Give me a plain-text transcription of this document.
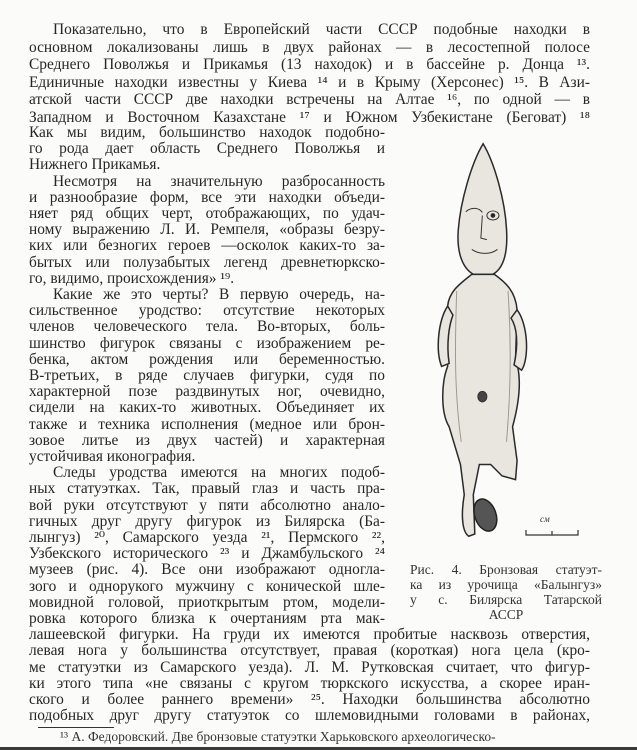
Показательно, что в Европейский части СССР подобные находки в
основном локализованы лишь в двух районах — в лесостепной полосе
Среднего Поволжья и Прикамья (13 находок) и в бассейне р. Донца ¹³.
Единичные находки известны у Киева ¹⁴ и в Крыму (Херсонес) ¹⁵. В Ази-
атской части СССР две находки встречены на Алтае ¹⁶, по одной — в
Западном и Восточном Казахстане ¹⁷ и Южном Узбекистане (Беговат) ¹⁸
Как мы видим, большинство находок подобно-
го рода дает область Среднего Поволжья и
Нижнего Прикамья.
Несмотря на значительную разбросанность
и разнообразие форм, все эти находки объеди-
няет ряд общих черт, отображающих, по удач-
ному выражению Л. И. Ремпеля, «образы безру-
ких или безногих героев —осколок каких-то за-
бытых или полузабытых легенд древнетюркско-
го, видимо, происхождения» ¹⁹.
Какие же это черты? В первую очередь, на-
сильственное уродство: отсутствие некоторых
членов человеческого тела. Во-вторых, боль-
шинство фигурок связаны с изображением ре-
бенка, актом рождения или беременностью.
В-третьих, в ряде случаев фигурки, судя по
характерной позе раздвинутых ног, очевидно,
сидели на каких-то животных. Объединяет их
также и техника исполнения (медное или брон-
зовое литье из двух частей) и характерная
устойчивая иконография.
Следы уродства имеются на многих подоб-
ных статуэтках. Так, правый глаз и часть пра-
вой руки отсутствуют у пяти абсолютно анало-
гичных друг другу фигурок из Билярска (Ба-
лынгуз) ²⁰, Самарского уезда ²¹, Пермского ²²,
Узбекского исторического ²³ и Джамбульского ²⁴
музеев (рис. 4). Все они изображают одногла-
зого и однорукого мужчину с конической шле-
мовидной головой, приоткрытым ртом, модели-
ровка которого близка к очертаниям рта мак-
лашеевской фигурки. На груди их имеются пробитые насквозь отверстия,
левая нога у большинства отсутствует, правая (короткая) нога цела (кро-
ме статуэтки из Самарского уезда). Л. М. Рутковская считает, что фигур-
ки этого типа «не связаны с кругом тюркского искусства, а скорее иран-
ского и более раннего времени» ²⁵. Находки большинства абсолютно
подобных друг другу статуэток со шлемовидными головами в районах,
см
Рис. 4. Бронзовая статуэт-
ка из урочища «Балынгуз»
у с. Билярска Татарской
АССР
¹³ А. Федоровский. Две бронзовые статуэтки Харьковского археологическо-
